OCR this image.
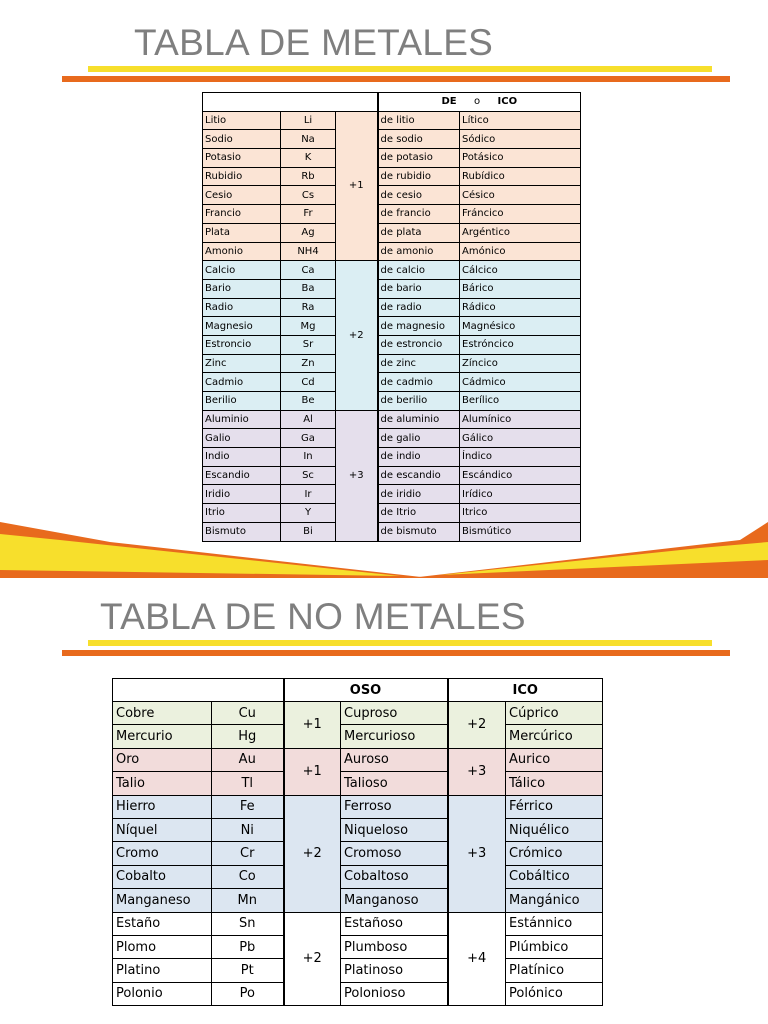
TABLA DE METALES
			DE o ICO	
Litio	Li	+1	de litio	Lítico
Sodio	Na		de sodio	Sódico
Potasio	K		de potasio	Potásico
Rubidio	Rb		de rubidio	Rubídico
Cesio	Cs		de cesio	Césico
Francio	Fr		de francio	Fráncico
Plata	Ag		de plata	Argéntico
Amonio	NH4		de amonio	Amónico
Calcio	Ca	+2	de calcio	Cálcico
Bario	Ba		de bario	Bárico
Radio	Ra		de radio	Rádico
Magnesio	Mg		de magnesio	Magnésico
Estroncio	Sr		de estroncio	Estróncico
Zinc	Zn		de zinc	Zíncico
Cadmio	Cd		de cadmio	Cádmico
Berilio	Be		de berilio	Berílico
Aluminio	Al	+3	de aluminio	Alumínico
Galio	Ga		de galio	Gálico
Indio	In		de indio	Índico
Escandio	Sc		de escandio	Escándico
Iridio	Ir		de iridio	Irídico
Itrio	Y		de Itrio	Itrico
Bismuto	Bi		de bismuto	Bismútico
TABLA DE NO METALES
		OSO		ICO	
Cobre	Cu	+1	Cuproso	+2	Cúprico
Mercurio	Hg		Mercurioso		Mercúrico
Oro	Au	+1	Auroso	+3	Aurico
Talio	Tl		Talioso		Tálico
Hierro	Fe	+2	Ferroso	+3	Férrico
Níquel	Ni		Niqueloso		Niquélico
Cromo	Cr		Cromoso		Crómico
Cobalto	Co		Cobaltoso		Cobáltico
Manganeso	Mn		Manganoso		Mangánico
Estaño	Sn	+2	Estañoso	+4	Estánnico
Plomo	Pb		Plumboso		Plúmbico
Platino	Pt		Platinoso		Platínico
Polonio	Po		Polonioso		Polónico
